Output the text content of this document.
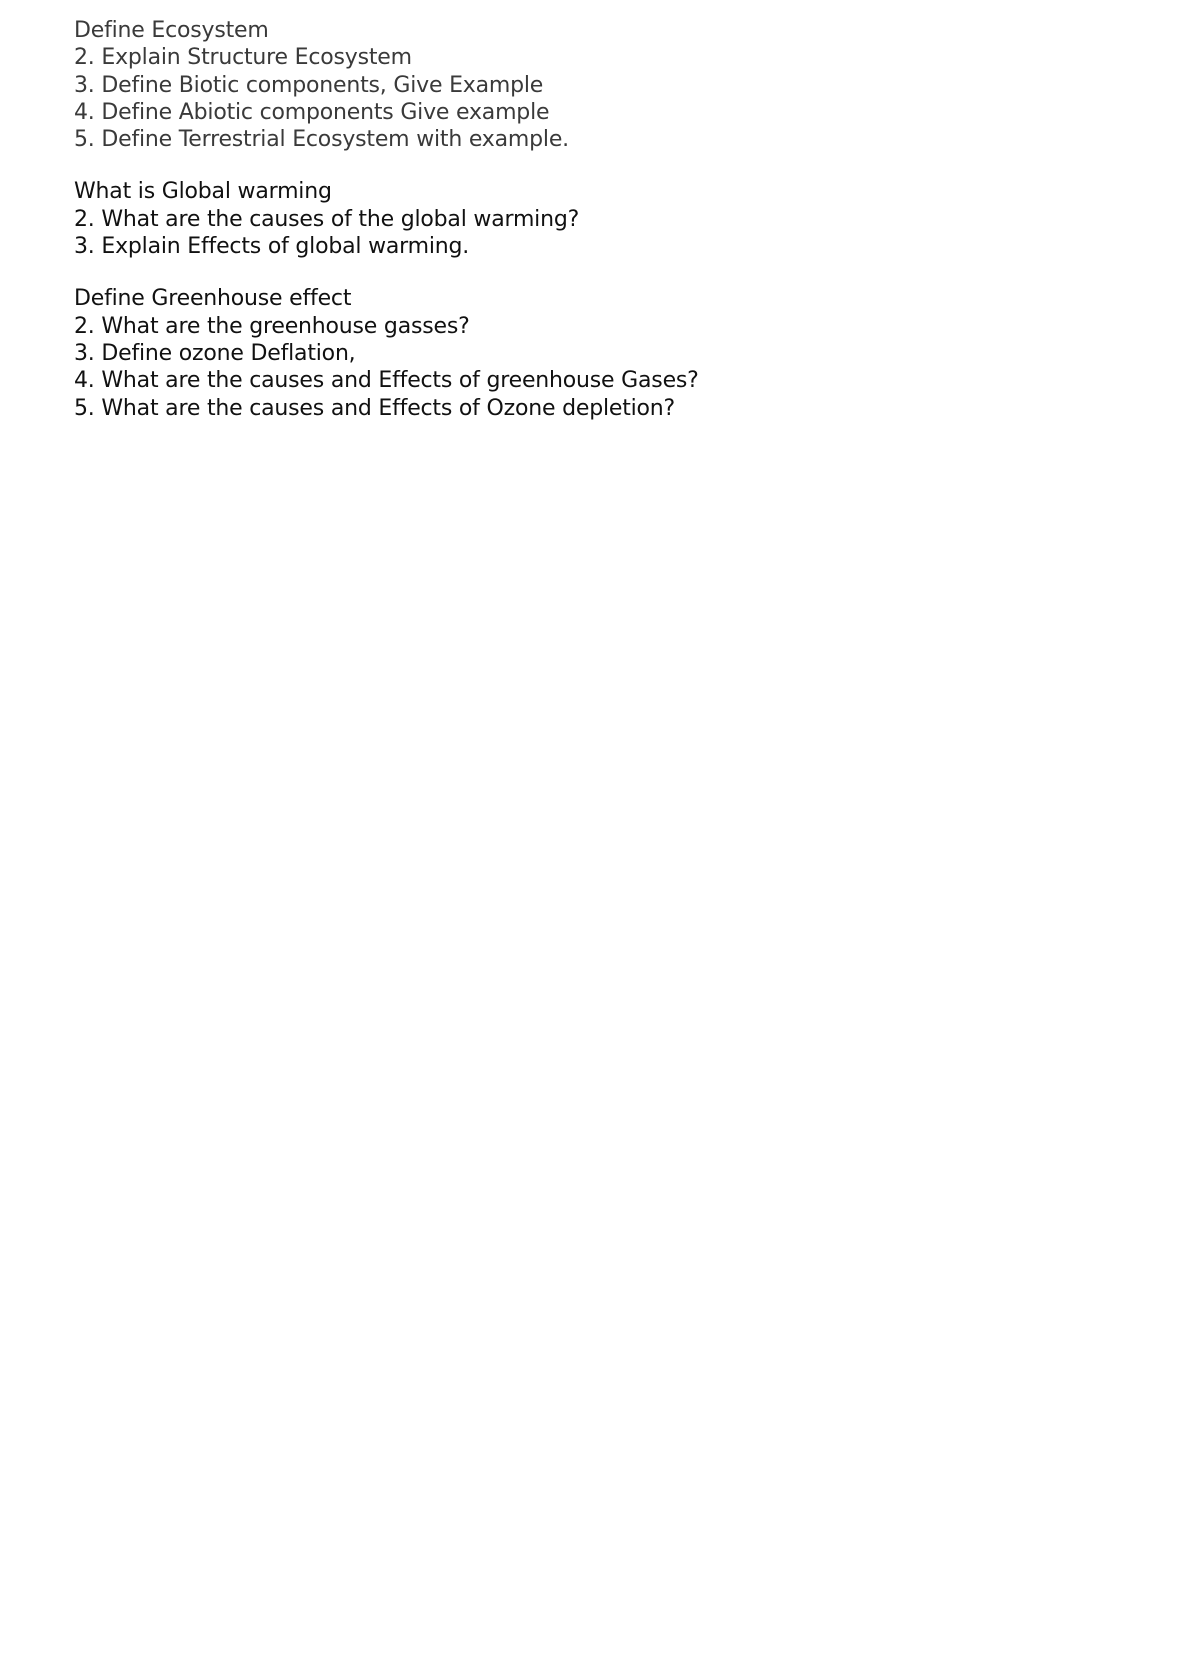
Define Ecosystem
2. Explain Structure Ecosystem
3. Define Biotic components, Give Example
4. Define Abiotic components Give example
5. Define Terrestrial Ecosystem with example.
What is Global warming
2. What are the causes of the global warming?
3. Explain Effects of global warming.
Define Greenhouse effect
2. What are the greenhouse gasses?
3. Define ozone Deflation,
4. What are the causes and Effects of greenhouse Gases?
5. What are the causes and Effects of Ozone depletion?
